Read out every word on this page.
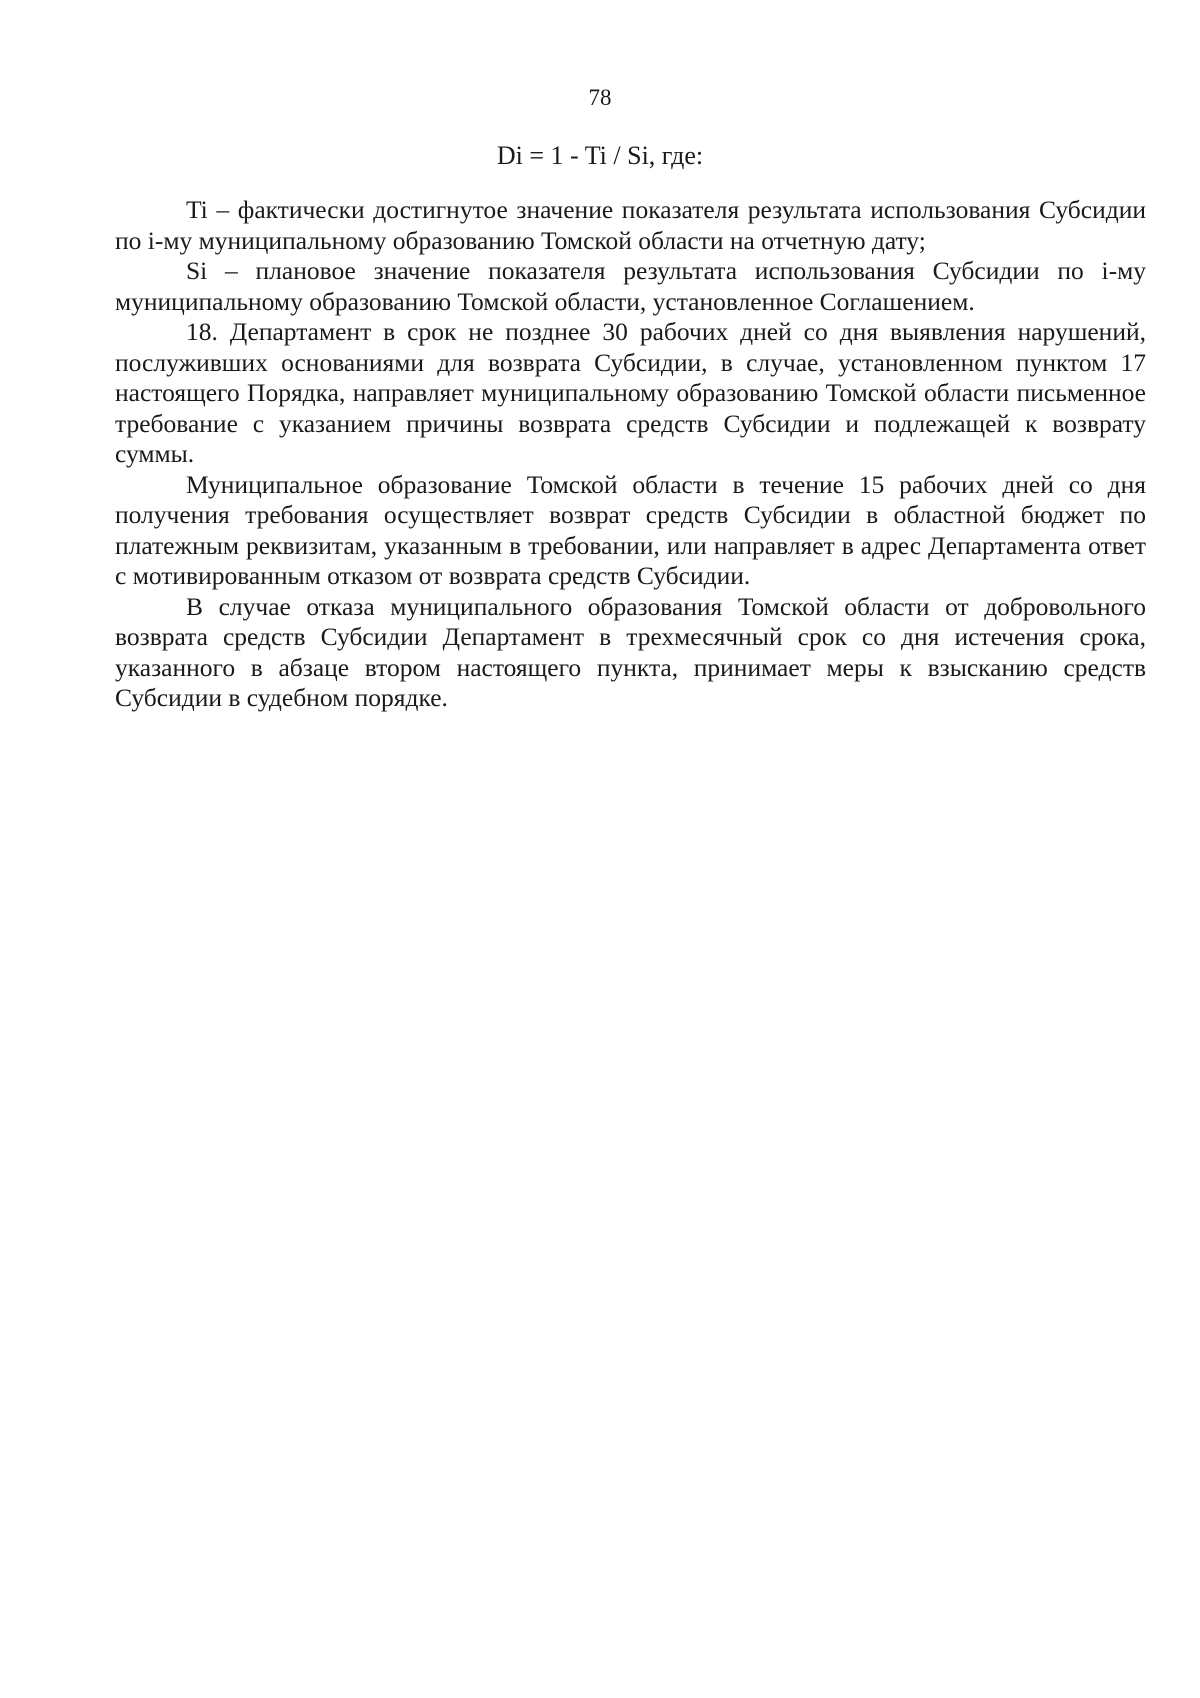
78
Di = 1 - Ti / Si, где:

Ti – фактически достигнутое значение показателя результата использования Субсидии по i-му муниципальному образованию Томской области на отчетную дату;

Si – плановое значение показателя результата использования Субсидии по i-му муниципальному образованию Томской области, установленное Соглашением.

18. Департамент в срок не позднее 30 рабочих дней со дня выявления нарушений, послуживших основаниями для возврата Субсидии, в случае, установленном пунктом 17 настоящего Порядка, направляет муниципальному образованию Томской области письменное требование с указанием причины возврата средств Субсидии и подлежащей к возврату суммы.

Муниципальное образование Томской области в течение 15 рабочих дней со дня получения требования осуществляет возврат средств Субсидии в областной бюджет по платежным реквизитам, указанным в требовании, или направляет в адрес Департамента ответ с мотивированным отказом от возврата средств Субсидии.

В случае отказа муниципального образования Томской области от добровольного возврата средств Субсидии Департамент в трехмесячный срок со дня истечения срока, указанного в абзаце втором настоящего пункта, принимает меры к взысканию средств Субсидии в судебном порядке.
